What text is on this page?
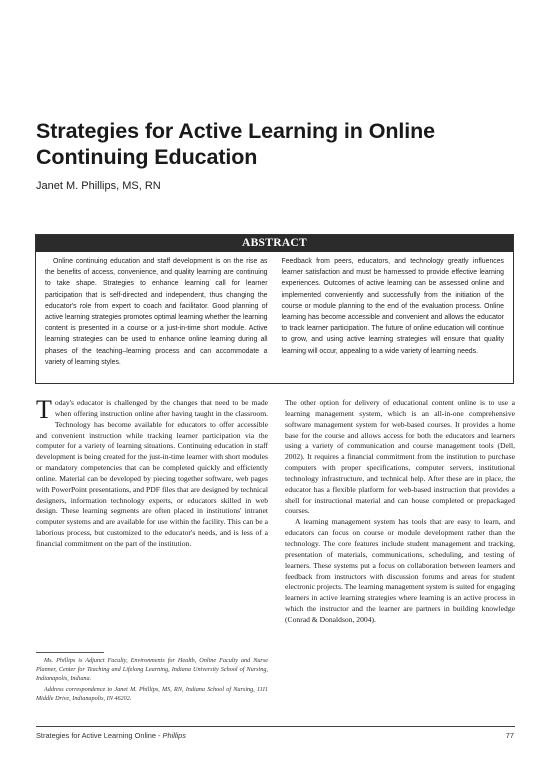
Strategies for Active Learning in Online Continuing Education
Janet M. Phillips, MS, RN
ABSTRACT

Online continuing education and staff development is on the rise as the benefits of access, convenience, and quality learning are continuing to take shape. Strategies to enhance learning call for learner participation that is self-directed and independent, thus changing the educator's role from expert to coach and facilitator. Good planning of active learning strategies promotes optimal learning whether the learning content is presented in a course or a just-in-time short module. Active learning strategies can be used to enhance online learning during all phases of the teaching–learning process and can accommodate a variety of learning styles.

Feedback from peers, educators, and technology greatly influences learner satisfaction and must be harnessed to provide effective learning experiences. Outcomes of active learning can be assessed online and implemented conveniently and successfully from the initiation of the course or module planning to the end of the evaluation process. Online learning has become accessible and convenient and allows the educator to track learner participation. The future of online education will continue to grow, and using active learning strategies will ensure that quality learning will occur, appealing to a wide variety of learning needs.

Today's educator is challenged by the changes that need to be made when offering instruction online after having taught in the classroom. Technology has become available for educators to offer accessible and convenient instruction while tracking learner participation via the computer for a variety of learning situations. Continuing education in staff development is being created for the just-in-time learner with short modules or mandatory competencies that can be completed quickly and efficiently online. Material can be developed by piecing together software, web pages with PowerPoint presentations, and PDF files that are designed by technical designers, information technology experts, or educators skilled in web design. These learning segments are often placed in institutions' intranet computer systems and are available for use within the facility. This can be a laborious process, but customized to the educator's needs, and is less of a financial commitment on the part of the institution.

The other option for delivery of educational content online is to use a learning management system, which is an all-in-one comprehensive software management system for web-based courses. It provides a home base for the course and allows access for both the educators and learners using a variety of communication and course management tools (Dell, 2002). It requires a financial commitment from the institution to purchase computers with proper specifications, computer servers, institutional technology infrastructure, and technical help. After these are in place, the educator has a flexible platform for web-based instruction that provides a shell for instructional material and can house completed or prepackaged courses.

A learning management system has tools that are easy to learn, and educators can focus on course or module development rather than the technology. The core features include student management and tracking, presentation of materials, communications, scheduling, and testing of learners. These systems put a focus on collaboration between learners and feedback from instructors with discussion forums and areas for student electronic projects. The learning management system is suited for engaging learners in active learning strategies where learning is an active process in which the instructor and the learner are partners in building knowledge (Conrad & Donaldson, 2004).

Ms. Phillips is Adjunct Faculty, Environments for Health, Online Faculty and Nurse Planner, Center for Teaching and Lifelong Learning, Indiana University School of Nursing, Indianapolis, Indiana.

Address correspondence to Janet M. Phillips, MS, RN, Indiana School of Nursing, 1111 Middle Drive, Indianapolis, IN 46202.

Strategies for Active Learning Online - Phillips	77
